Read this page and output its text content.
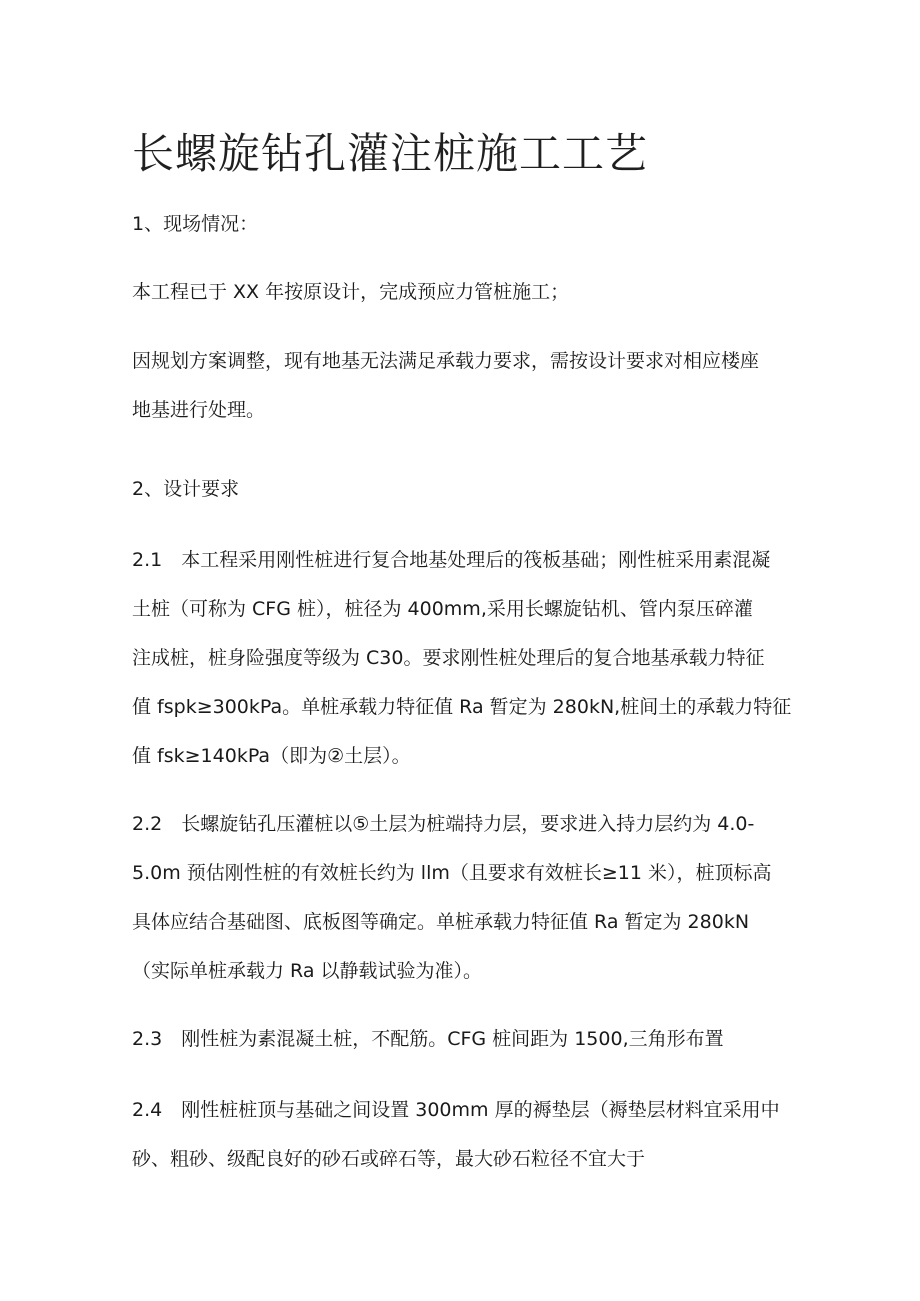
长螺旋钻孔灌注桩施工工艺

1、现场情况：

本工程已于 XX 年按原设计，完成预应力管桩施工；

因规划方案调整，现有地基无法满足承载力要求，需按设计要求对相应楼座
地基进行处理。

2、设计要求

2.1　本工程采用刚性桩进行复合地基处理后的筏板基础；刚性桩采用素混凝
土桩（可称为 CFG 桩），桩径为 400mm,采用长螺旋钻机、管内泵压碎灌
注成桩，桩身险强度等级为 C30。要求刚性桩处理后的复合地基承载力特征
值 fspk≥300kPa。单桩承载力特征值 Ra 暂定为 280kN,桩间土的承载力特征
值 fsk≥140kPa（即为②土层）。

2.2　长螺旋钻孔压灌桩以⑤土层为桩端持力层，要求进入持力层约为 4.0-
5.0m 预估刚性桩的有效桩长约为 llm（且要求有效桩长≥11 米），桩顶标高
具体应结合基础图、底板图等确定。单桩承载力特征值 Ra 暂定为 280kN
（实际单桩承载力 Ra 以静载试验为准）。

2.3　刚性桩为素混凝土桩，不配筋。CFG 桩间距为 1500,三角形布置

2.4　刚性桩桩顶与基础之间设置 300mm 厚的褥垫层（褥垫层材料宜采用中
砂、粗砂、级配良好的砂石或碎石等，最大砂石粒径不宜大于
